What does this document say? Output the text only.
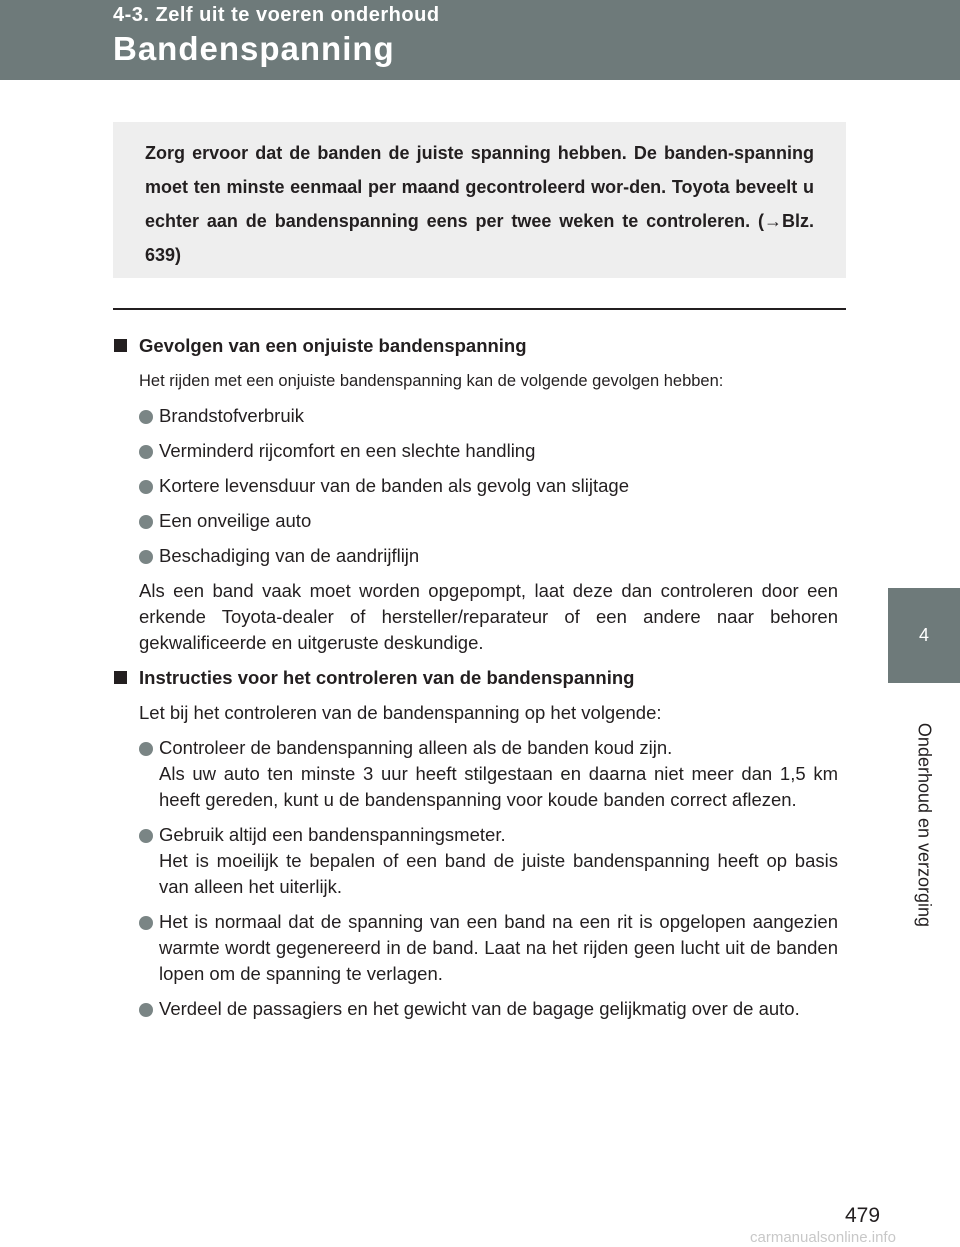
4-3. Zelf uit te voeren onderhoud
Bandenspanning
4
Onderhoud en verzorging

Zorg ervoor dat de banden de juiste spanning hebben. De banden-spanning moet ten minste eenmaal per maand gecontroleerd wor-den. Toyota beveelt u echter aan de bandenspanning eens per twee weken te controleren. (→Blz. 639)

Gevolgen van een onjuiste bandenspanning
Het rijden met een onjuiste bandenspanning kan de volgende gevolgen hebben:
Brandstofverbruik
Verminderd rijcomfort en een slechte handling
Kortere levensduur van de banden als gevolg van slijtage
Een onveilige auto
Beschadiging van de aandrijflijn
Als een band vaak moet worden opgepompt, laat deze dan controleren door een erkende Toyota-dealer of hersteller/reparateur of een andere naar behoren gekwalificeerde en uitgeruste deskundige.
Instructies voor het controleren van de bandenspanning
Let bij het controleren van de bandenspanning op het volgende:
Controleer de bandenspanning alleen als de banden koud zijn.
Als uw auto ten minste 3 uur heeft stilgestaan en daarna niet meer dan 1,5 km heeft gereden, kunt u de bandenspanning voor koude banden correct aflezen.
Gebruik altijd een bandenspanningsmeter.
Het is moeilijk te bepalen of een band de juiste bandenspanning heeft op basis van alleen het uiterlijk.
Het is normaal dat de spanning van een band na een rit is opgelopen aangezien warmte wordt gegenereerd in de band. Laat na het rijden geen lucht uit de banden lopen om de spanning te verlagen.
Verdeel de passagiers en het gewicht van de bagage gelijkmatig over de auto.
479
carmanualsonline.info
